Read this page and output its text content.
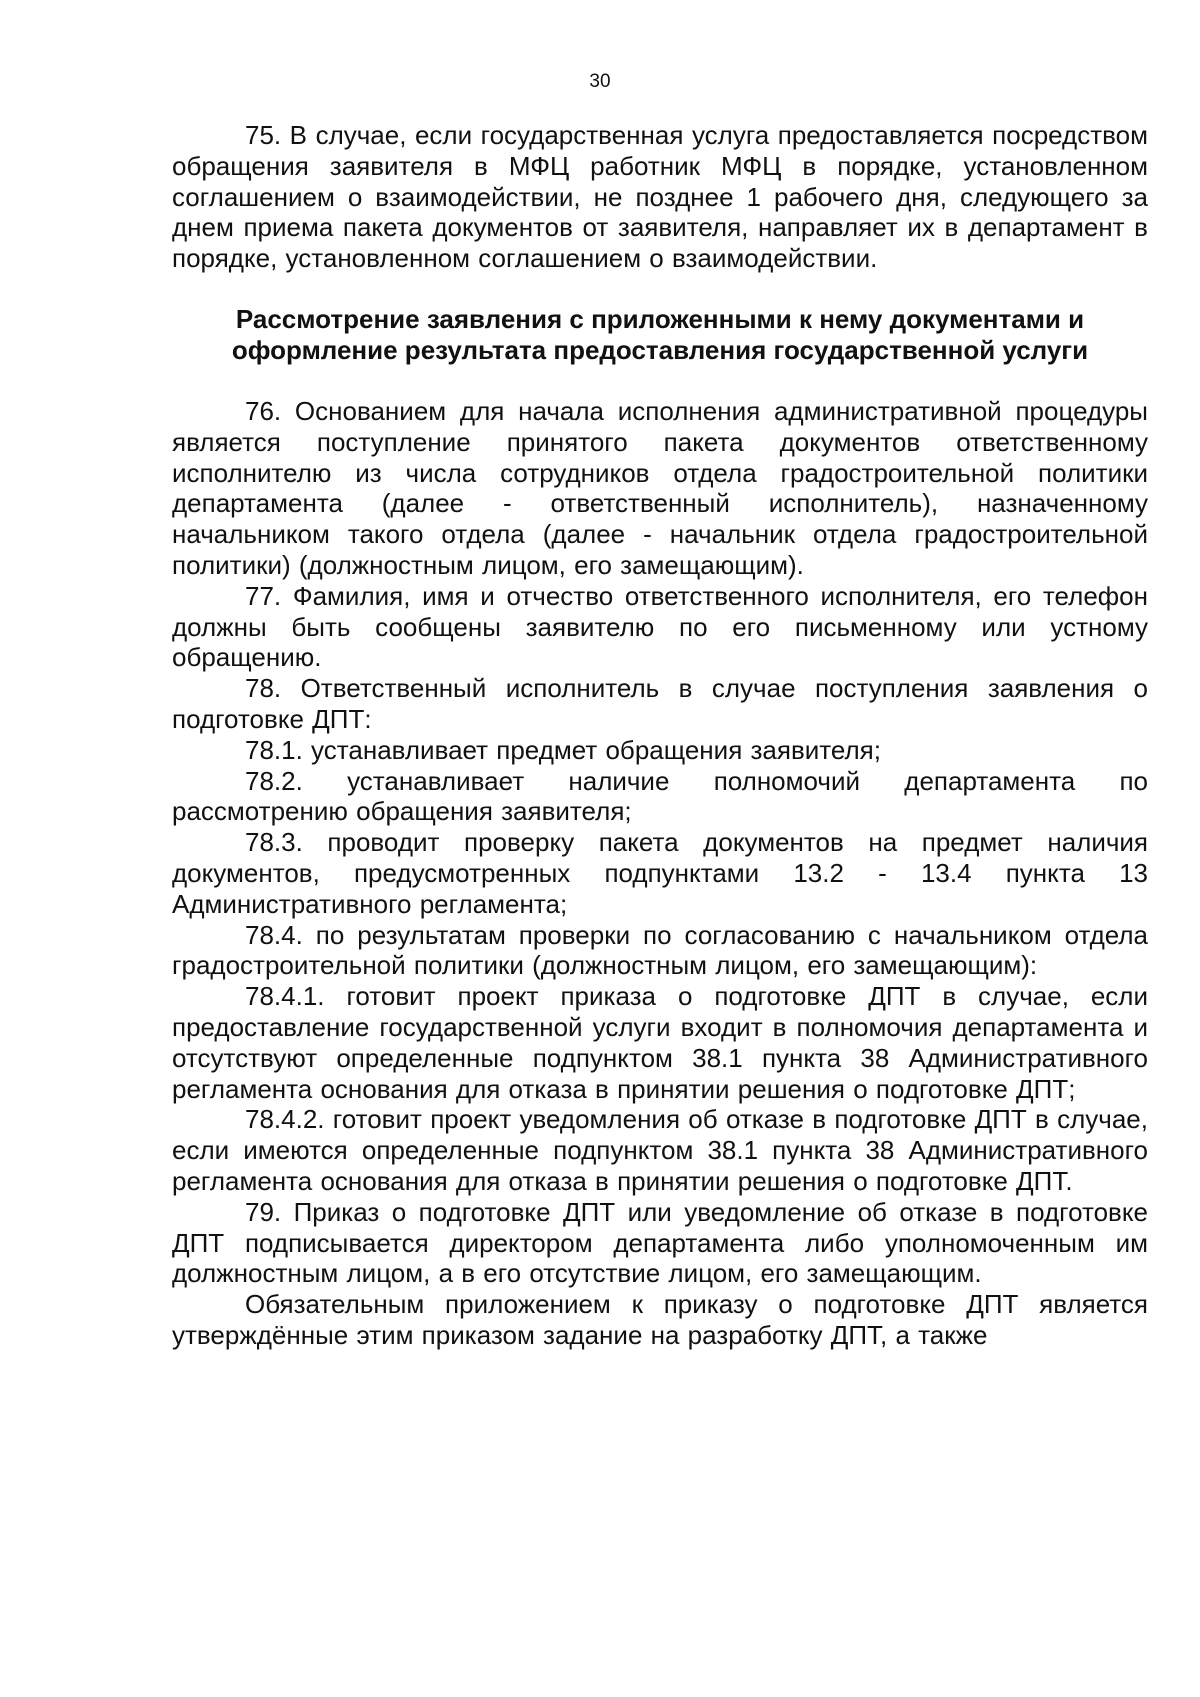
30

75. В случае, если государственная услуга предоставляется посредством обращения заявителя в МФЦ работник МФЦ в порядке, установленном соглашением о взаимодействии, не позднее 1 рабочего дня, следующего за днем приема пакета документов от заявителя, направляет их в департамент в порядке, установленном соглашением о взаимодействии.

Рассмотрение заявления с приложенными к нему документами и оформление результата предоставления государственной услуги

76. Основанием для начала исполнения административной процедуры является поступление принятого пакета документов ответственному исполнителю из числа сотрудников отдела градостроительной политики департамента (далее - ответственный исполнитель), назначенному начальником такого отдела (далее - начальник отдела градостроительной политики) (должностным лицом, его замещающим).

77. Фамилия, имя и отчество ответственного исполнителя, его телефон должны быть сообщены заявителю по его письменному или устному обращению.

78. Ответственный исполнитель в случае поступления заявления о подготовке ДПТ:

78.1. устанавливает предмет обращения заявителя;

78.2. устанавливает наличие полномочий департамента по рассмотрению обращения заявителя;

78.3. проводит проверку пакета документов на предмет наличия документов, предусмотренных подпунктами 13.2 - 13.4 пункта 13 Административного регламента;

78.4. по результатам проверки по согласованию с начальником отдела градостроительной политики (должностным лицом, его замещающим):

78.4.1. готовит проект приказа о подготовке ДПТ в случае, если предоставление государственной услуги входит в полномочия департамента и отсутствуют определенные подпунктом 38.1 пункта 38 Административного регламента основания для отказа в принятии решения о подготовке ДПТ;

78.4.2. готовит проект уведомления об отказе в подготовке ДПТ в случае, если имеются определенные подпунктом 38.1 пункта 38 Административного регламента основания для отказа в принятии решения о подготовке ДПТ.

79. Приказ о подготовке ДПТ или уведомление об отказе в подготовке ДПТ подписывается директором департамента либо уполномоченным им должностным лицом, а в его отсутствие лицом, его замещающим.

Обязательным приложением к приказу о подготовке ДПТ является утверждённые этим приказом задание на разработку ДПТ, а также
